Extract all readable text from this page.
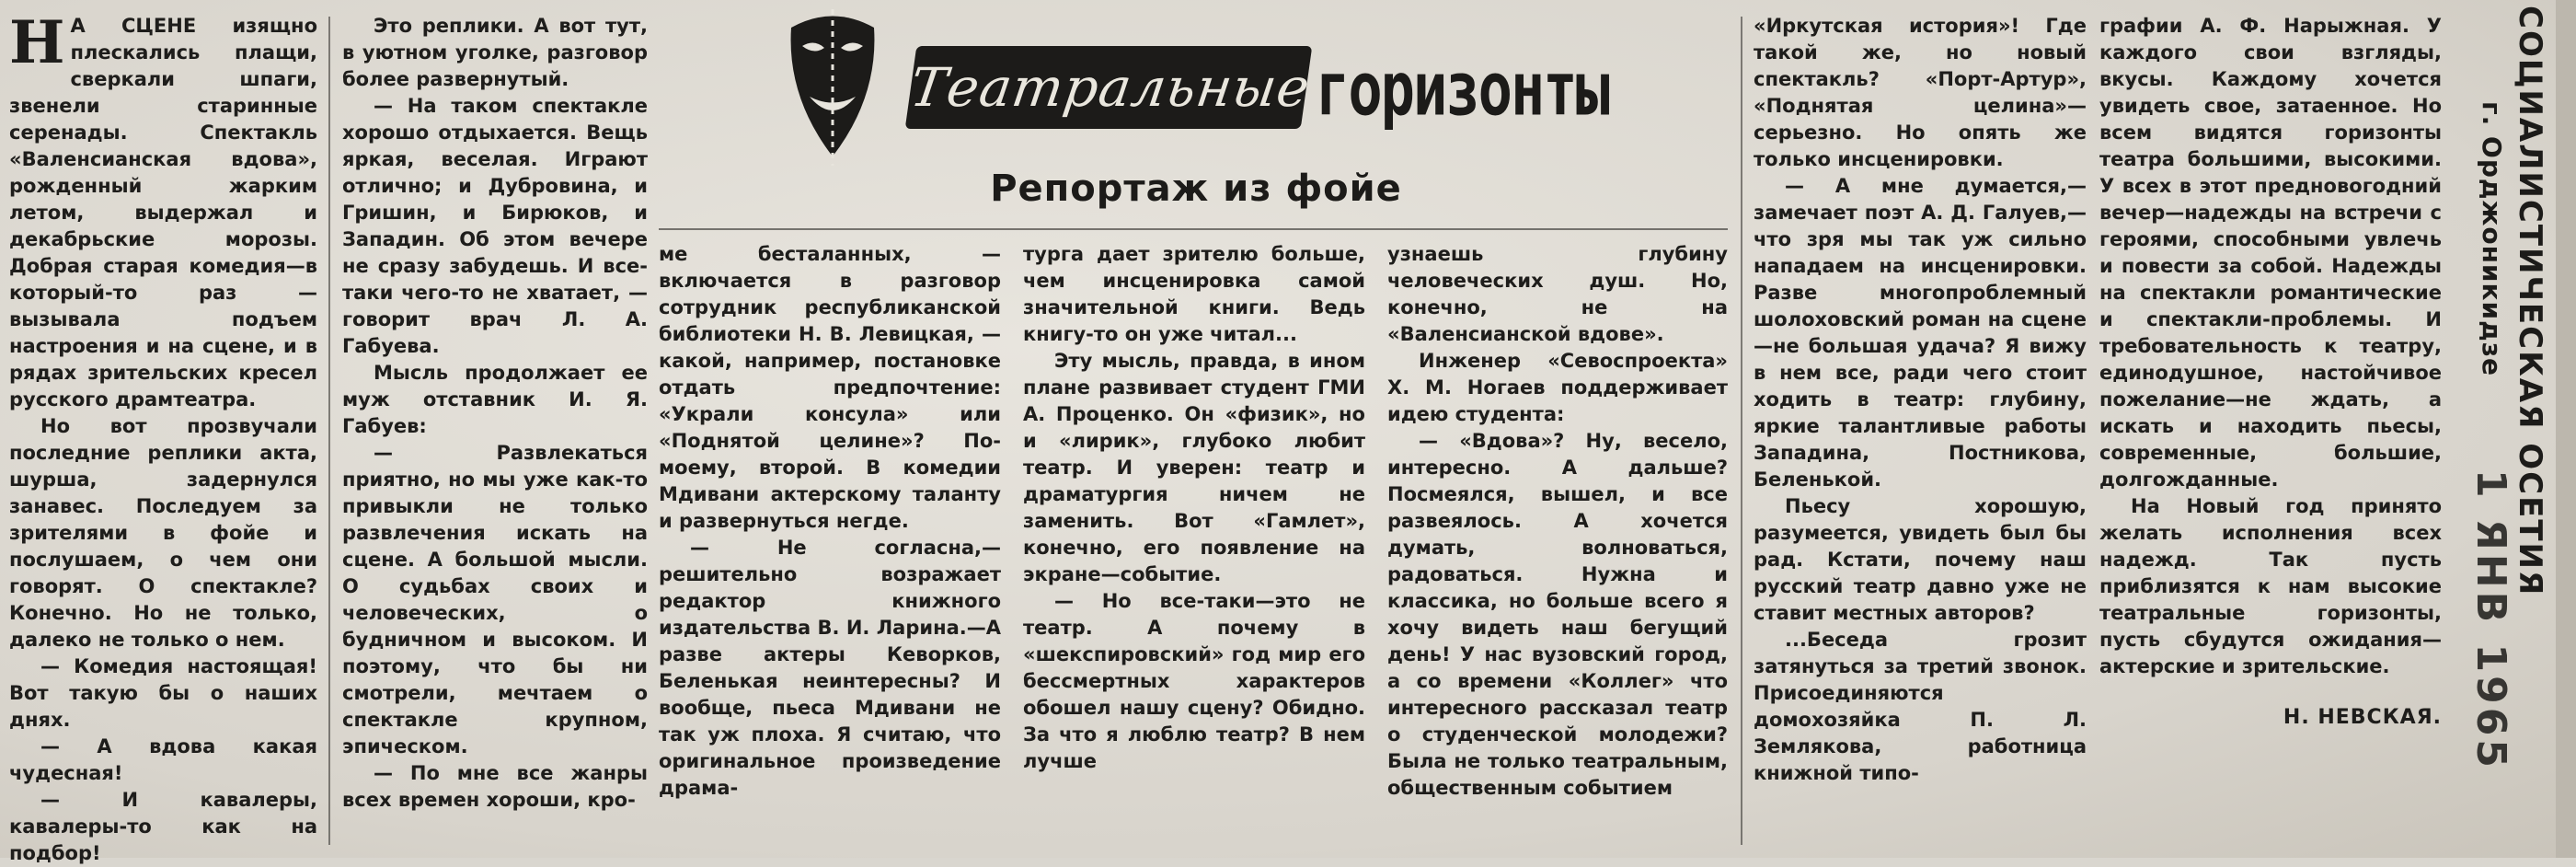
Н А СЦЕНЕ изящно плескались плащи, сверкали шпаги, звенели старинные серенады. Спектакль «Валенсианская вдова», рожденный жарким летом, выдержал и декабрьские морозы. Добрая старая комедия—в который-то раз — вызывала подъем настроения и на сцене, и в рядах зрительских кресел русского драмтеатра.

Но вот прозвучали последние реплики акта, шурша, задернулся занавес. Последуем за зрителями в фойе и послушаем, о чем они говорят. О спектакле? Конечно. Но не только, далеко не только о нем.

— Комедия настоящая! Вот такую бы о наших днях.

— А вдова какая чудесная!

— И кавалеры, кавалеры-то как на подбор!

Это реплики. А вот тут, в уютном уголке, разговор более развернутый.

— На таком спектакле хорошо отдыхается. Вещь яркая, веселая. Играют отлично; и Дубровина, и Гришин, и Бирюков, и Западин. Об этом вечере не сразу забудешь. И все-таки чего-то не хватает, —говорит врач Л. А. Габуева.

Мысль продолжает ее муж отставник И. Я. Габуев:

— Развлекаться приятно, но мы уже как-то привыкли не только развлечения искать на сцене. А большой мысли. О судьбах своих и человеческих, о будничном и высоком. И поэтому, что бы ни смотрели, мечтаем о спектакле крупном, эпическом.

— По мне все жанры всех времен хороши, кро-

Театральные горизонты
Репортаж из фойе

ме бесталанных, — включается в разговор сотрудник республиканской библиотеки Н. В. Левицкая, — какой, например, постановке отдать предпочтение: «Украли консула» или «Поднятой целине»? По-моему, второй. В комедии Мдивани актерскому таланту и развернуться негде.

— Не согласна,—решительно возражает редактор книжного издательства В. И. Ларина.—А разве актеры Кеворков, Беленькая неинтересны? И вообще, пьеса Мдивани не так уж плоха. Я считаю, что оригинальное произведение драма-

турга дает зрителю больше, чем инсценировка самой значительной книги. Ведь книгу-то он уже читал...

Эту мысль, правда, в ином плане развивает студент ГМИ А. Проценко. Он «физик», но и «лирик», глубоко любит театр. И уверен: театр и драматургия ничем не заменить. Вот «Гамлет», конечно, его появление на экране—событие.

— Но все-таки—это не театр. А почему в «шекспировский» год мир его бессмертных характеров обошел нашу сцену? Обидно. За что я люблю театр? В нем лучше

узнаешь глубину человеческих душ. Но, конечно, не на «Валенсианской вдове».

Инженер «Севоспроекта» Х. М. Ногаев поддерживает идею студента:

— «Вдова»? Ну, весело, интересно. А дальше? Посмеялся, вышел, и все развеялось. А хочется думать, волноваться, радоваться. Нужна и классика, но больше всего я хочу видеть наш бегущий день! У нас вузовский город, а со времени «Коллег» что интересного рассказал театр о студенческой молодежи? Была не только театральным, общественным событием

«Иркутская история»! Где такой же, но новый спектакль? «Порт-Артур», «Поднятая целина»—серьезно. Но опять же только инсценировки.

— А мне думается,— замечает поэт А. Д. Галуев,—что зря мы так уж сильно нападаем на инсценировки. Разве многопроблемный шолоховский роман на сцене—не большая удача? Я вижу в нем все, ради чего стоит ходить в театр: глубину, яркие талантливые работы Западина, Постникова, Беленькой.

Пьесу хорошую, разумеется, увидеть был бы рад. Кстати, почему наш русский театр давно уже не ставит местных авторов?

...Беседа грозит затянуться за третий звонок. Присоединяются домохозяйка П. Л. Землякова, работница книжной типо-

графии А. Ф. Нарыжная. У каждого свои взгляды, вкусы. Каждому хочется увидеть свое, затаенное. Но всем видятся горизонты театра большими, высокими. У всех в этот предновогодний вечер—надежды на встречи с героями, способными увлечь и повести за собой. Надежды на спектакли романтические и спектакли-проблемы. И требовательность к театру, единодушное, настойчивое пожелание—не ждать, а искать и находить пьесы, современные, большие, долгожданные.

На Новый год принято желать исполнения всех надежд. Так пусть приблизятся к нам высокие театральные горизонты, пусть сбудутся ожидания—актерские и зрительские.

Н. НЕВСКАЯ.
СОЦИАЛИСТИЧЕСКАЯ ОСЕТИЯ
г. Орджоникидзе
1 ЯНВ 1965
